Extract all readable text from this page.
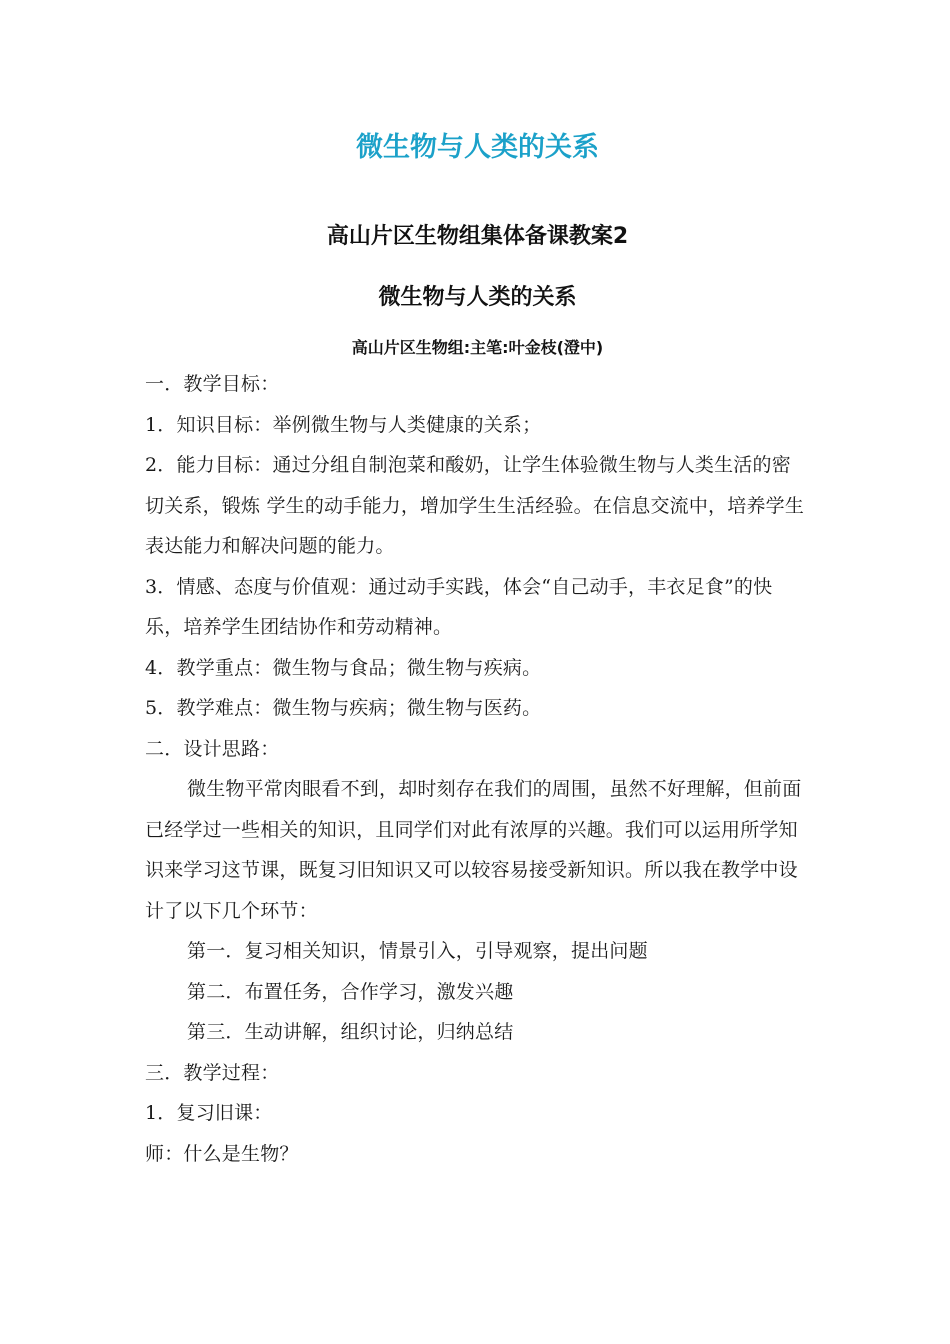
微生物与人类的关系
高山片区生物组集体备课教案2
微生物与人类的关系
高山片区生物组:主笔:叶金枝(澄中)

一．教学目标：

1．知识目标：举例微生物与人类健康的关系；

2．能力目标：通过分组自制泡菜和酸奶，让学生体验微生物与人类生活的密切关系，锻炼 学生的动手能力，增加学生生活经验。在信息交流中，培养学生表达能力和解决问题的能力。

3．情感、态度与价值观：通过动手实践，体会“自己动手，丰衣足食”的快乐，培养学生团结协作和劳动精神。

4．教学重点：微生物与食品；微生物与疾病。

5．教学难点：微生物与疾病；微生物与医药。

二．设计思路：

微生物平常肉眼看不到，却时刻存在我们的周围，虽然不好理解，但前面已经学过一些相关的知识，且同学们对此有浓厚的兴趣。我们可以运用所学知识来学习这节课，既复习旧知识又可以较容易接受新知识。所以我在教学中设计了以下几个环节：

第一．复习相关知识，情景引入，引导观察，提出问题

第二．布置任务，合作学习，激发兴趣

第三．生动讲解，组织讨论，归纳总结

三．教学过程：

1．复习旧课：

师：什么是生物？
